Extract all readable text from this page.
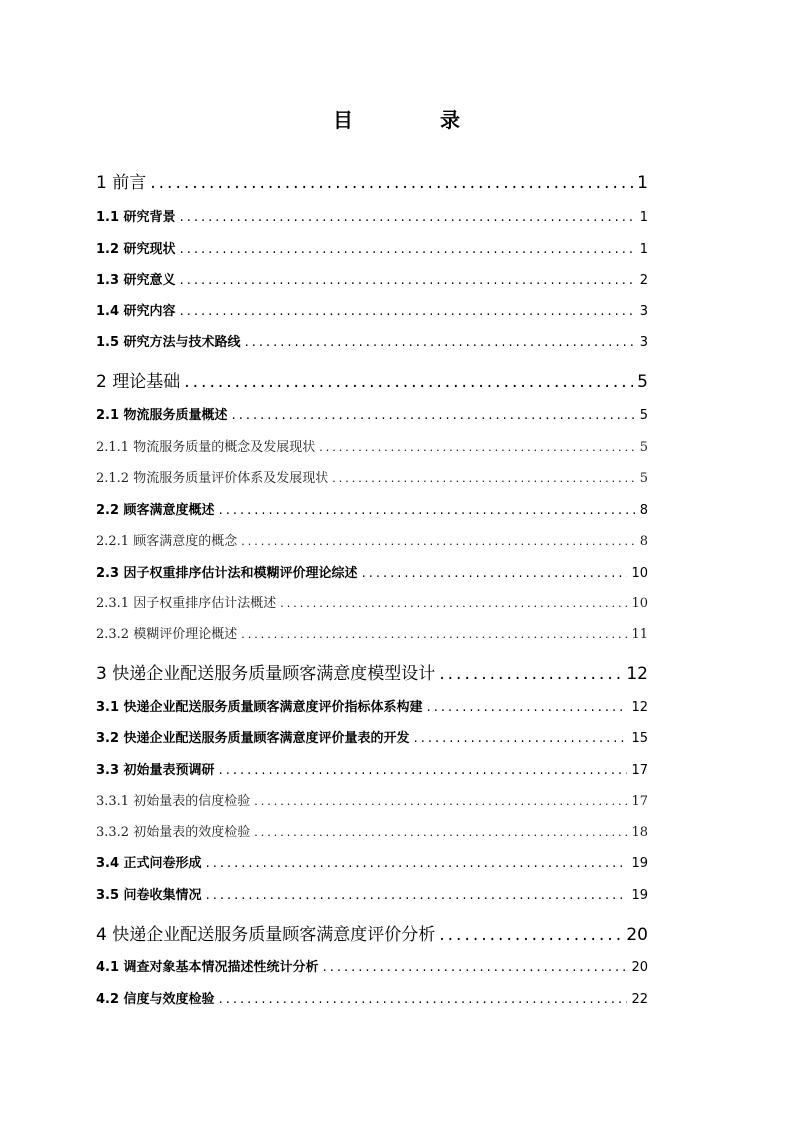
目 录
1 前言 .....	1
1.1 研究背景 .....	1
1.2 研究现状 .....	1
1.3 研究意义 .....	2
1.4 研究内容 .....	3
1.5 研究方法与技术路线 .....	3
2 理论基础 .....	5
2.1 物流服务质量概述 .....	5
2.1.1 物流服务质量的概念及发展现状 .....	5
2.1.2 物流服务质量评价体系及发展现状 .....	5
2.2 顾客满意度概述 .....	8
2.2.1 顾客满意度的概念 .....	8
2.3 因子权重排序估计法和模糊评价理论综述 .....	10
2.3.1 因子权重排序估计法概述 .....	10
2.3.2 模糊评价理论概述 .....	11
3 快递企业配送服务质量顾客满意度模型设计 .....	12
3.1 快递企业配送服务质量顾客满意度评价指标体系构建 .....	12
3.2 快递企业配送服务质量顾客满意度评价量表的开发 .....	15
3.3 初始量表预调研 .....	17
3.3.1 初始量表的信度检验 .....	17
3.3.2 初始量表的效度检验 .....	18
3.4 正式问卷形成 .....	19
3.5 问卷收集情况 .....	19
4 快递企业配送服务质量顾客满意度评价分析 .....	20
4.1 调查对象基本情况描述性统计分析 .....	20
4.2 信度与效度检验 .....	22
